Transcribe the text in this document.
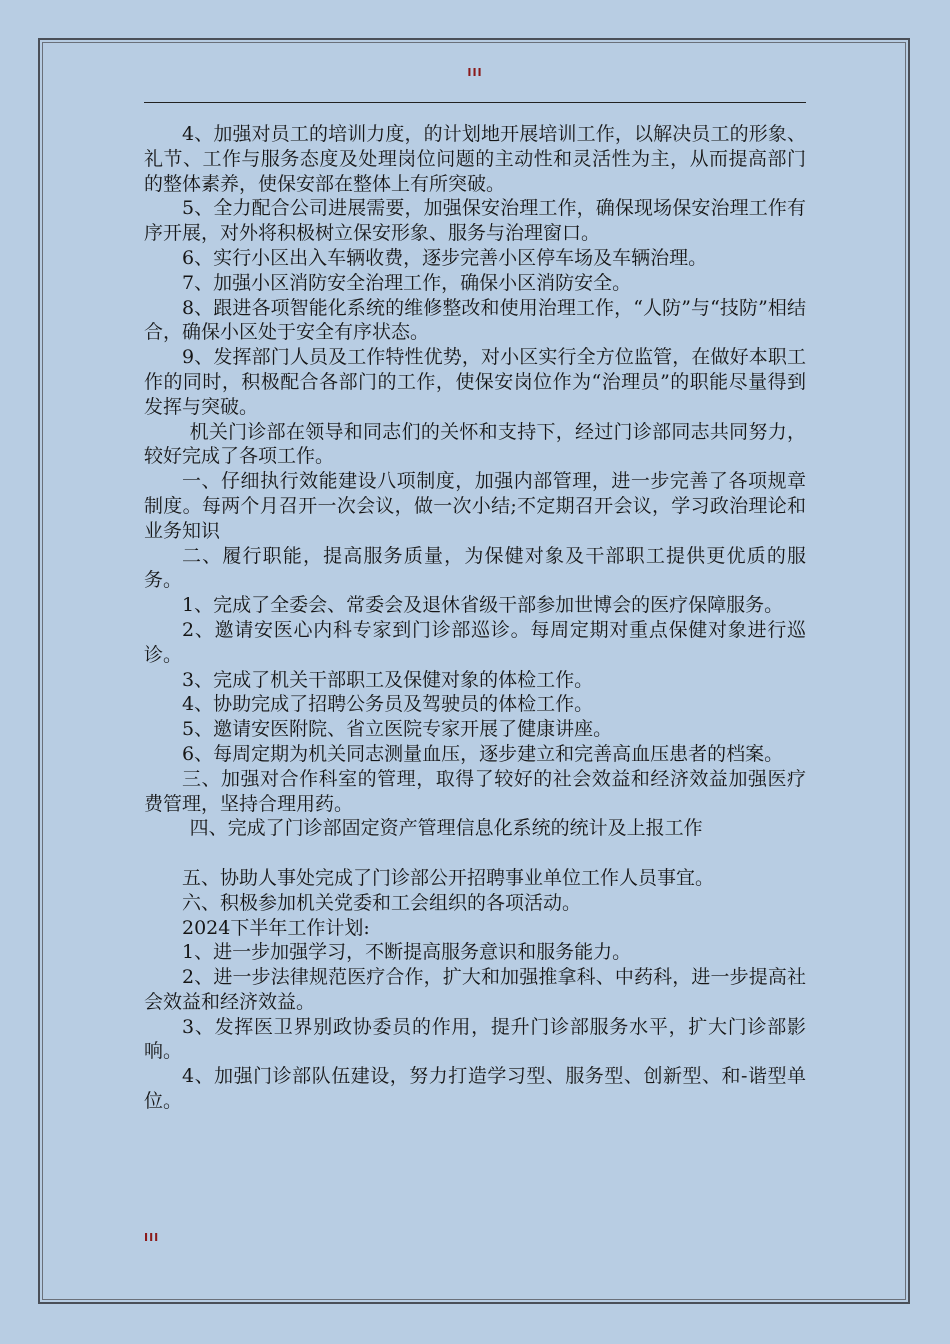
III

4、加强对员工的培训力度，的计划地开展培训工作，以解决员工的形象、礼节、工作与服务态度及处理岗位问题的主动性和灵活性为主，从而提高部门的整体素养，使保安部在整体上有所突破。

5、全力配合公司进展需要，加强保安治理工作，确保现场保安治理工作有序开展，对外将积极树立保安形象、服务与治理窗口。

6、实行小区出入车辆收费，逐步完善小区停车场及车辆治理。

7、加强小区消防安全治理工作，确保小区消防安全。

8、跟进各项智能化系统的维修整改和使用治理工作，“人防”与“技防”相结合，确保小区处于安全有序状态。

9、发挥部门人员及工作特性优势，对小区实行全方位监管，在做好本职工作的同时，积极配合各部门的工作，使保安岗位作为“治理员”的职能尽量得到发挥与突破。

机关门诊部在领导和同志们的关怀和支持下，经过门诊部同志共同努力，较好完成了各项工作。

一、仔细执行效能建设八项制度，加强内部管理，进一步完善了各项规章制度。每两个月召开一次会议，做一次小结;不定期召开会议，学习政治理论和业务知识

二、履行职能，提高服务质量，为保健对象及干部职工提供更优质的服务。

1、完成了全委会、常委会及退休省级干部参加世博会的医疗保障服务。

2、邀请安医心内科专家到门诊部巡诊。每周定期对重点保健对象进行巡诊。

3、完成了机关干部职工及保健对象的体检工作。

4、协助完成了招聘公务员及驾驶员的体检工作。

5、邀请安医附院、省立医院专家开展了健康讲座。

6、每周定期为机关同志测量血压，逐步建立和完善高血压患者的档案。

三、加强对合作科室的管理，取得了较好的社会效益和经济效益加强医疗费管理，坚持合理用药。

四、完成了门诊部固定资产管理信息化系统的统计及上报工作

五、协助人事处完成了门诊部公开招聘事业单位工作人员事宜。

六、积极参加机关党委和工会组织的各项活动。

2024下半年工作计划:

1、进一步加强学习，不断提高服务意识和服务能力。

2、进一步法律规范医疗合作，扩大和加强推拿科、中药科，进一步提高社会效益和经济效益。

3、发挥医卫界别政协委员的作用，提升门诊部服务水平，扩大门诊部影响。

4、加强门诊部队伍建设，努力打造学习型、服务型、创新型、和-谐型单位。

III
